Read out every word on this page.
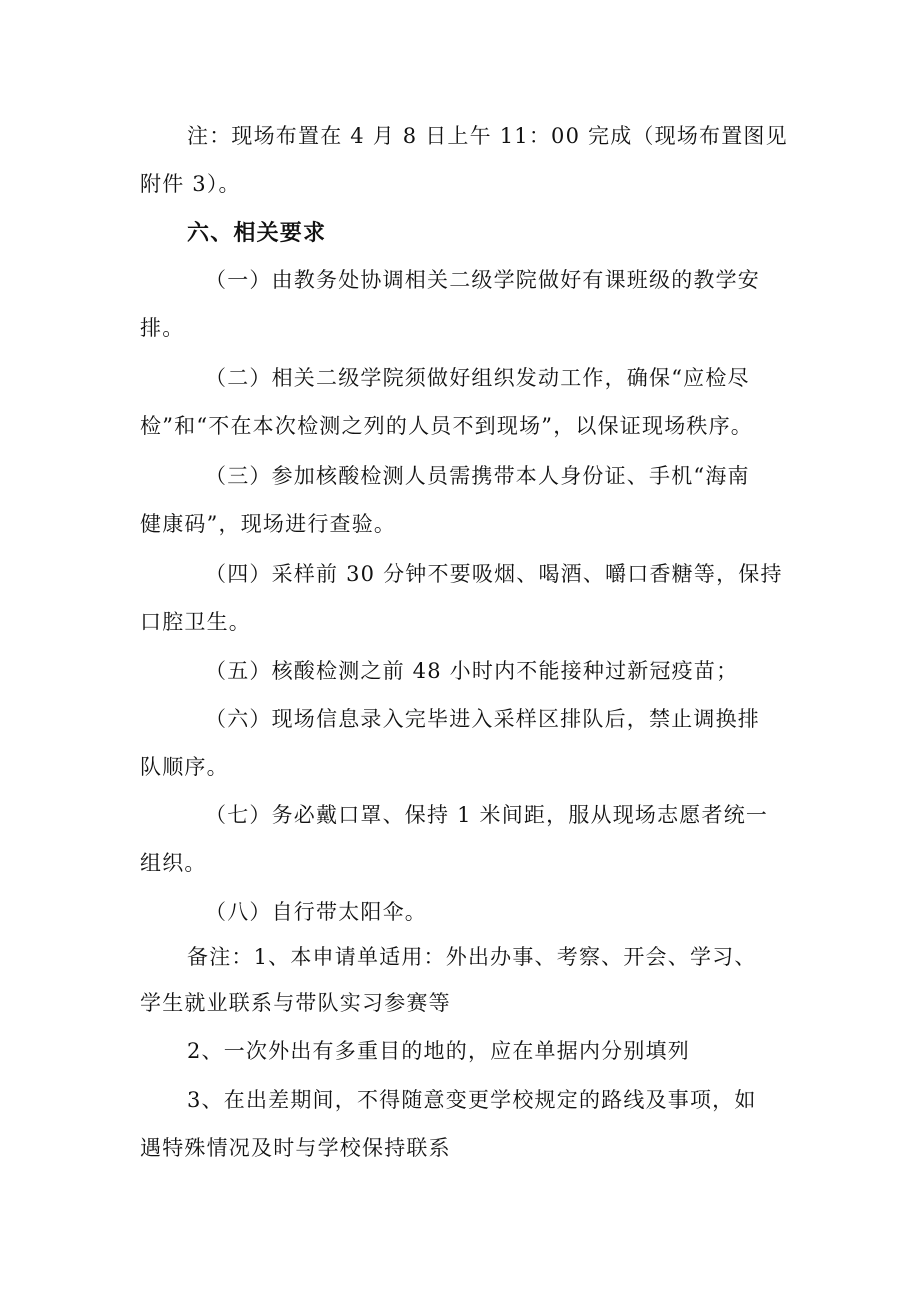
注：现场布置在 4 月 8 日上午 11：00 完成（现场布置图见
附件 3）。
六、相关要求
（一）由教务处协调相关二级学院做好有课班级的教学安
排。
（二）相关二级学院须做好组织发动工作，确保“应检尽
检”和“不在本次检测之列的人员不到现场”，以保证现场秩序。
（三）参加核酸检测人员需携带本人身份证、手机“海南
健康码”，现场进行查验。
（四）采样前 30 分钟不要吸烟、喝酒、嚼口香糖等，保持
口腔卫生。
（五）核酸检测之前 48 小时内不能接种过新冠疫苗；
（六）现场信息录入完毕进入采样区排队后，禁止调换排
队顺序。
（七）务必戴口罩、保持 1 米间距，服从现场志愿者统一
组织。
（八）自行带太阳伞。
备注：1、本申请单适用：外出办事、考察、开会、学习、
学生就业联系与带队实习参赛等
2、一次外出有多重目的地的，应在单据内分别填列
3、在出差期间，不得随意变更学校规定的路线及事项，如
遇特殊情况及时与学校保持联系
